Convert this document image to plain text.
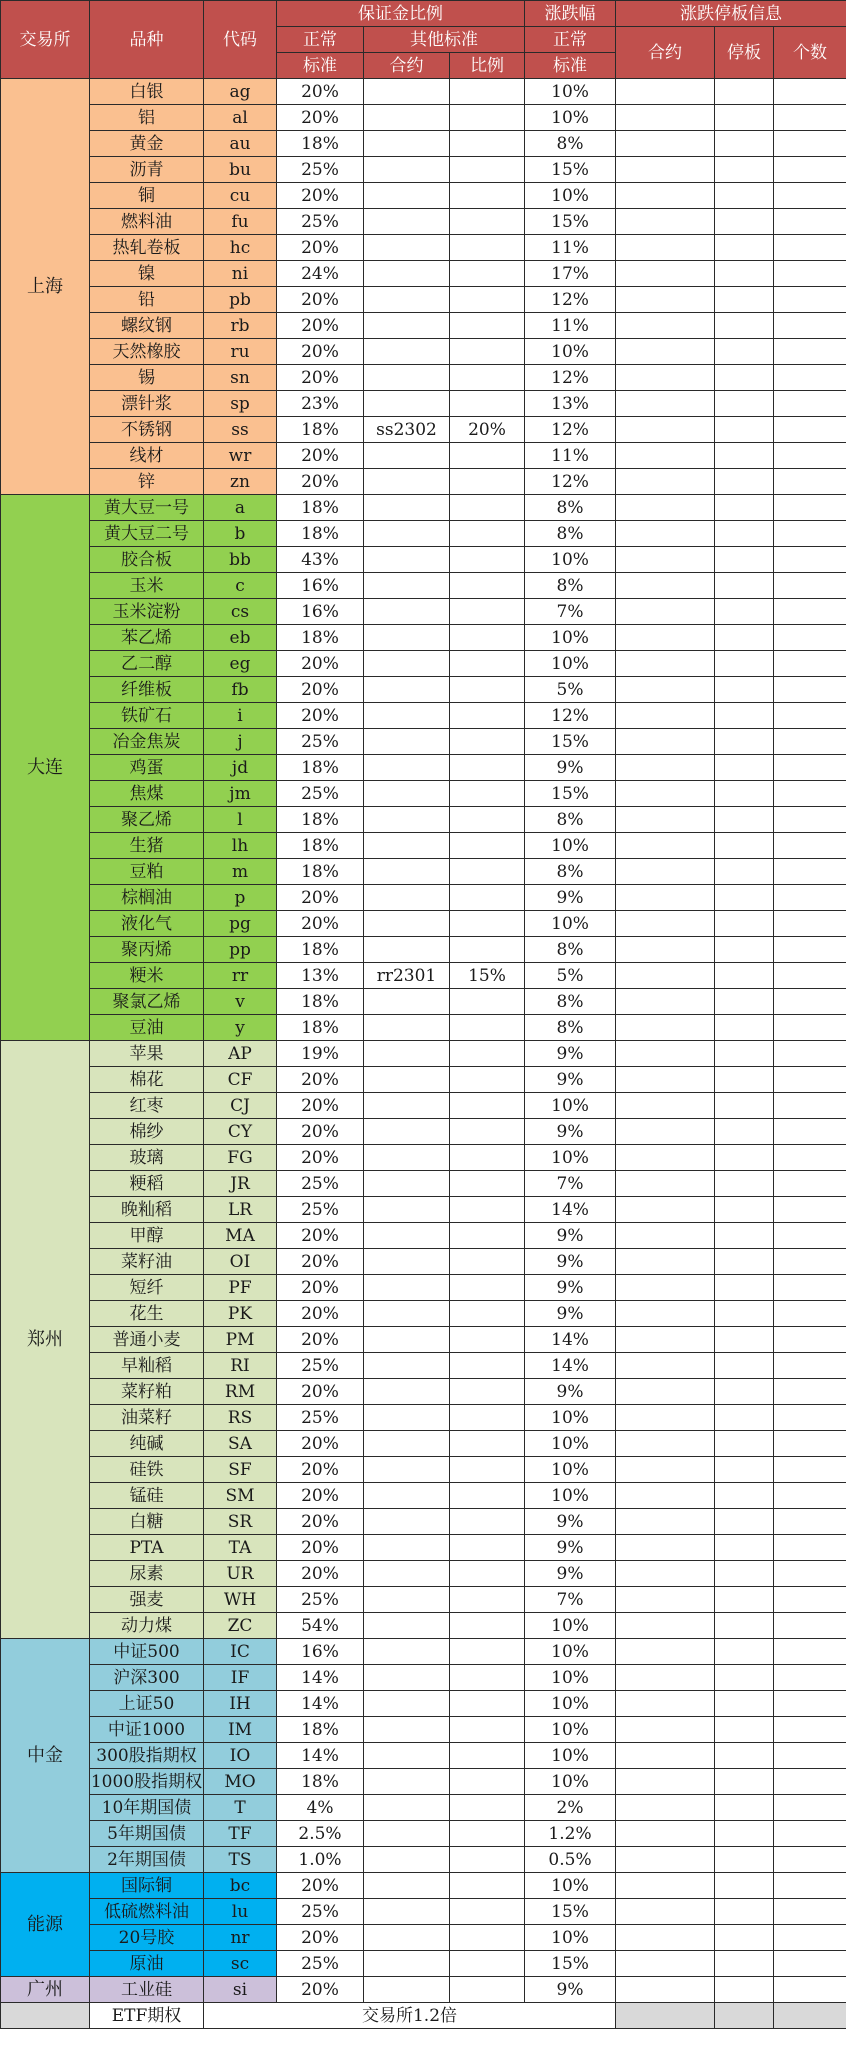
交易所	品种	代码	保证金比例			涨跌幅	涨跌停板信息		
			正常	其他标准		正常	合约	停板	个数
			标准	合约	比例	标准			
上海	白银	ag	20%			10%			
	铝	al	20%			10%			
	黄金	au	18%			8%			
	沥青	bu	25%			15%			
	铜	cu	20%			10%			
	燃料油	fu	25%			15%			
	热轧卷板	hc	20%			11%			
	镍	ni	24%			17%			
	铅	pb	20%			12%			
	螺纹钢	rb	20%			11%			
	天然橡胶	ru	20%			10%			
	锡	sn	20%			12%			
	漂针浆	sp	23%			13%			
	不锈钢	ss	18%	ss2302	20%	12%			
	线材	wr	20%			11%			
	锌	zn	20%			12%			
大连	黄大豆一号	a	18%			8%			
	黄大豆二号	b	18%			8%			
	胶合板	bb	43%			10%			
	玉米	c	16%			8%			
	玉米淀粉	cs	16%			7%			
	苯乙烯	eb	18%			10%			
	乙二醇	eg	20%			10%			
	纤维板	fb	20%			5%			
	铁矿石	i	20%			12%			
	冶金焦炭	j	25%			15%			
	鸡蛋	jd	18%			9%			
	焦煤	jm	25%			15%			
	聚乙烯	l	18%			8%			
	生猪	lh	18%			10%			
	豆粕	m	18%			8%			
	棕榈油	p	20%			9%			
	液化气	pg	20%			10%			
	聚丙烯	pp	18%			8%			
	粳米	rr	13%	rr2301	15%	5%			
	聚氯乙烯	v	18%			8%			
	豆油	y	18%			8%			
郑州	苹果	AP	19%			9%			
	棉花	CF	20%			9%			
	红枣	CJ	20%			10%			
	棉纱	CY	20%			9%			
	玻璃	FG	20%			10%			
	粳稻	JR	25%			7%			
	晚籼稻	LR	25%			14%			
	甲醇	MA	20%			9%			
	菜籽油	OI	20%			9%			
	短纤	PF	20%			9%			
	花生	PK	20%			9%			
	普通小麦	PM	20%			14%			
	早籼稻	RI	25%			14%			
	菜籽粕	RM	20%			9%			
	油菜籽	RS	25%			10%			
	纯碱	SA	20%			10%			
	硅铁	SF	20%			10%			
	锰硅	SM	20%			10%			
	白糖	SR	20%			9%			
	PTA	TA	20%			9%			
	尿素	UR	20%			9%			
	强麦	WH	25%			7%			
	动力煤	ZC	54%			10%			
中金	中证500	IC	16%			10%			
	沪深300	IF	14%			10%			
	上证50	IH	14%			10%			
	中证1000	IM	18%			10%			
	300股指期权	IO	14%			10%			
	1000股指期权	MO	18%			10%			
	10年期国债	T	4%			2%			
	5年期国债	TF	2.5%			1.2%			
	2年期国债	TS	1.0%			0.5%			
能源	国际铜	bc	20%			10%			
	低硫燃料油	lu	25%			15%			
	20号胶	nr	20%			10%			
	原油	sc	25%			15%			
广州	工业硅	si	20%			9%			
	ETF期权	交易所1.2倍							
